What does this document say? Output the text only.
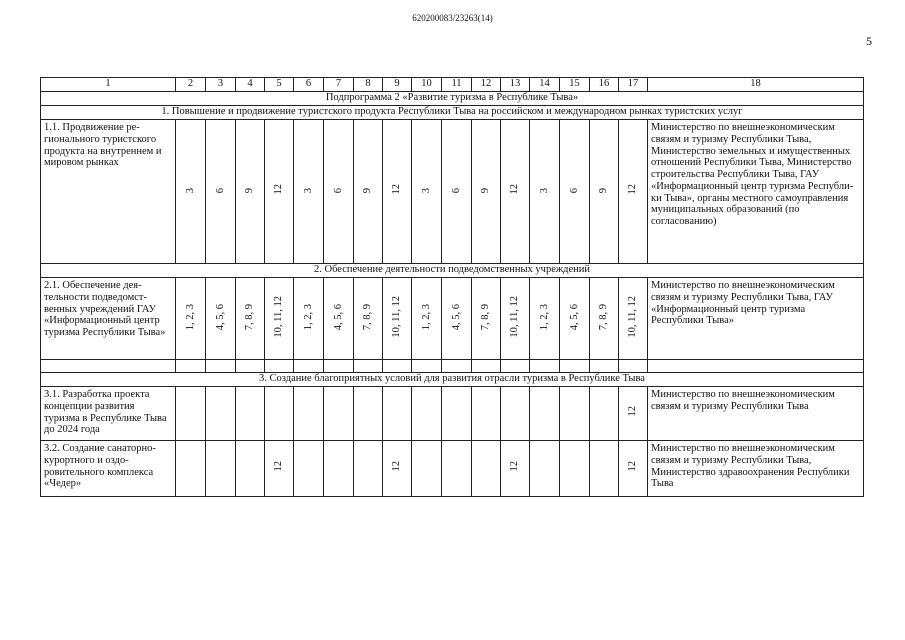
620200083/23263(14)
5
1	2	3	4	5	6	7	8	9	10	11	12	13	14	15	16	17	18
Подпрограмма 2 «Развитие туризма в Республике Тыва»																	
1. Повышение и продвижение туристского продукта Республики Тыва на российском и международном рынках туристских услуг																	
1.1. Продвижение регионального туристского продукта на внутреннем и мировом рынках	3	6	9	12	3	6	9	12	3	6	9	12	3	6	9	12	Министерство по внешнеэкономическим связям и туризму Республики Тыва, Министерство земельных и имущественных отношений Республики Тыва, Министерство строительства Республики Тыва, ГАУ «Информационный центр туризма Республики Тыва», органы местного самоуправления муниципальных образований (по согласованию)
2. Обеспечение деятельности подведомственных учреждений																	
2.1. Обеспечение деятельности подведомственных учреждений ГАУ «Информационный центр туризма Республики Тыва»	1, 2, 3	4, 5, 6	7, 8, 9	10, 11, 12	1, 2, 3	4, 5, 6	7, 8, 9	10, 11, 12	1, 2, 3	4, 5, 6	7, 8, 9	10, 11, 12	1, 2, 3	4, 5, 6	7, 8, 9	10, 11, 12	Министерство по внешнеэкономическим связям и туризму Республики Тыва, ГАУ «Информационный центр туризма Республики Тыва»

3. Создание благоприятных условий для развития отрасли туризма в Республике Тыва																	
3.1. Разработка проекта концепции развития туризма в Республике Тыва до 2024 года																12	Министерство по внешнеэкономическим связям и туризму Республики Тыва
3.2. Создание санаторно-курортного и оздоровительного комплекса «Чедер»				12				12				12				12	Министерство по внешнеэкономическим связям и туризму Республики Тыва, Министерство здравоохранения Республики Тыва
